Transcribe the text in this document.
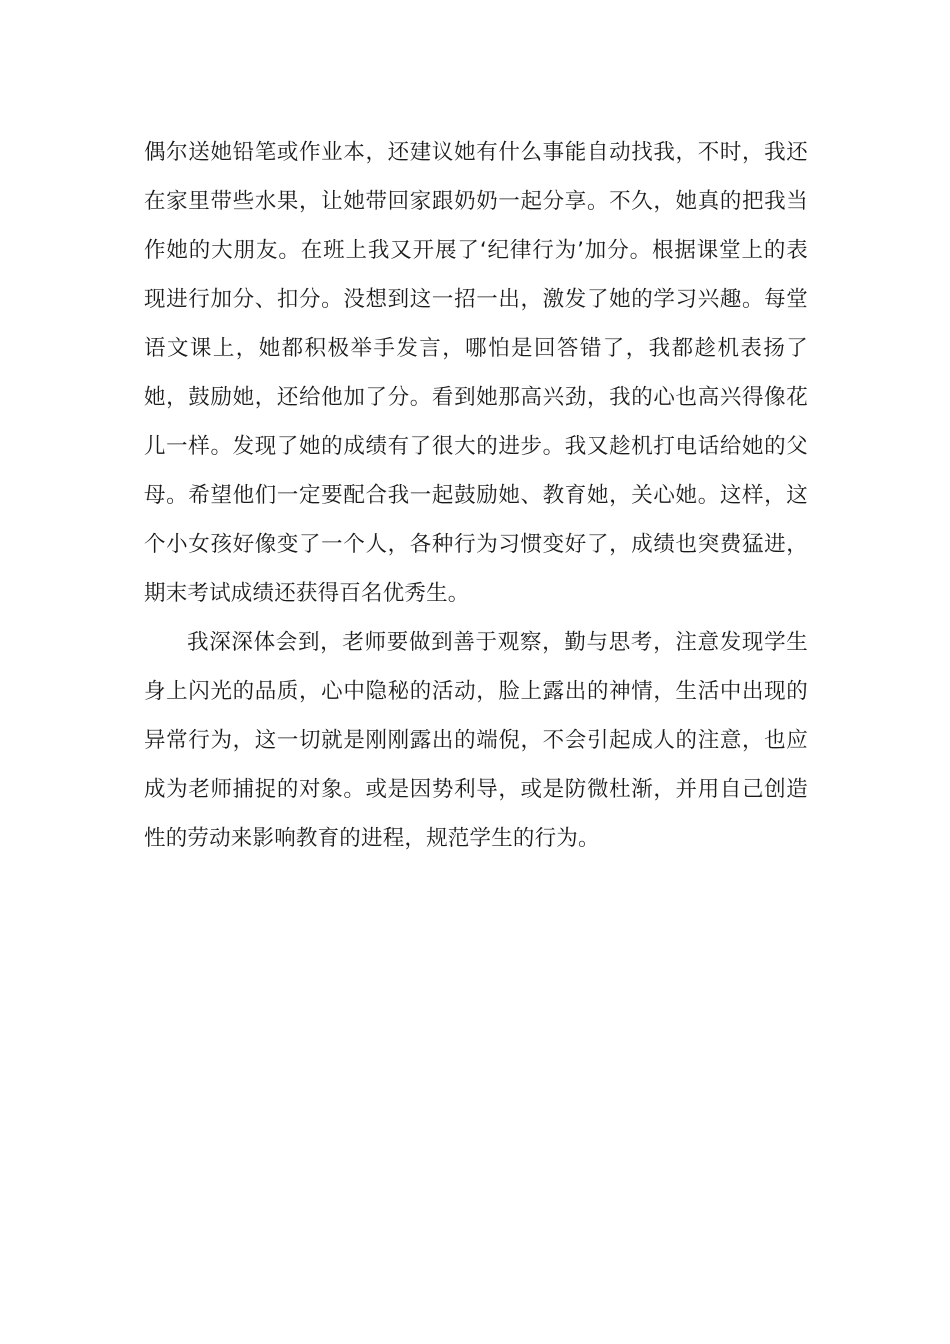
偶尔送她铅笔或作业本，还建议她有什么事能自动找我，不时，我还在家里带些水果，让她带回家跟奶奶一起分享。不久，她真的把我当作她的大朋友。在班上我又开展了‘纪律行为’加分。根据课堂上的表现进行加分、扣分。没想到这一招一出，激发了她的学习兴趣。每堂语文课上，她都积极举手发言，哪怕是回答错了，我都趁机表扬了她，鼓励她，还给他加了分。看到她那高兴劲，我的心也高兴得像花儿一样。发现了她的成绩有了很大的进步。我又趁机打电话给她的父母。希望他们一定要配合我一起鼓励她、教育她，关心她。这样，这个小女孩好像变了一个人，各种行为习惯变好了，成绩也突费猛进，期末考试成绩还获得百名优秀生。

我深深体会到，老师要做到善于观察，勤与思考，注意发现学生身上闪光的品质，心中隐秘的活动，脸上露出的神情，生活中出现的异常行为，这一切就是刚刚露出的端倪，不会引起成人的注意，也应成为老师捕捉的对象。或是因势利导，或是防微杜渐，并用自己创造性的劳动来影响教育的进程，规范学生的行为。
